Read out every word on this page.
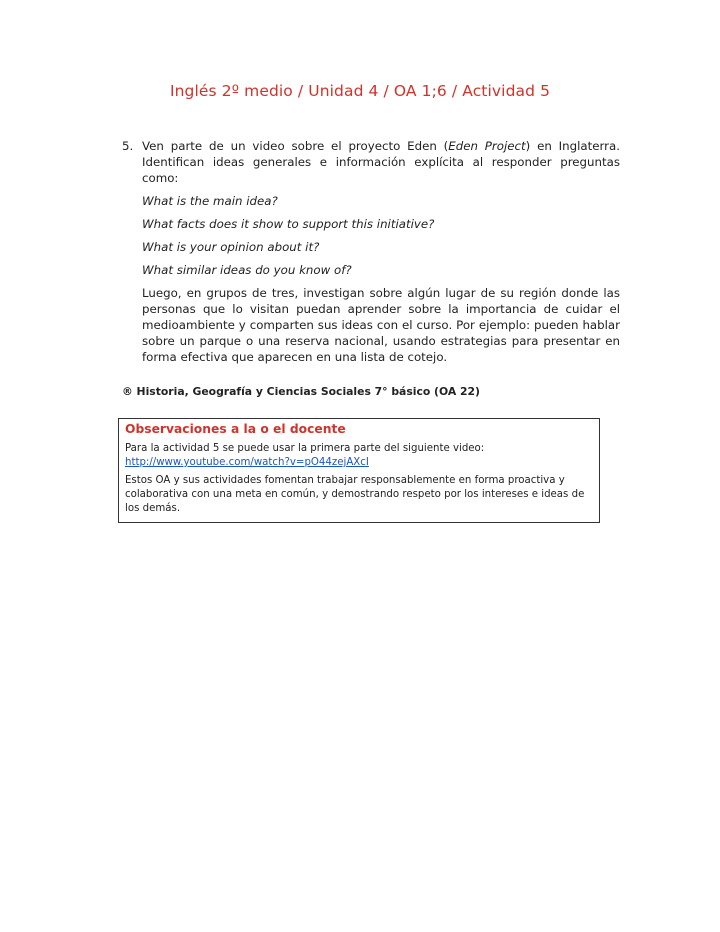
Inglés 2º medio / Unidad 4 / OA 1;6 / Actividad 5
5. Ven parte de un video sobre el proyecto Eden (Eden Project) en Inglaterra. Identifican ideas generales e información explícita al responder preguntas como:

What is the main idea?

What facts does it show to support this initiative?

What is your opinion about it?

What similar ideas do you know of?

Luego, en grupos de tres, investigan sobre algún lugar de su región donde las personas que lo visitan puedan aprender sobre la importancia de cuidar el medioambiente y comparten sus ideas con el curso. Por ejemplo: pueden hablar sobre un parque o una reserva nacional, usando estrategias para presentar en forma efectiva que aparecen en una lista de cotejo.

® Historia, Geografía y Ciencias Sociales 7° básico (OA 22)
Observaciones a la o el docente

Para la actividad 5 se puede usar la primera parte del siguiente video:
http://www.youtube.com/watch?v=pO44zejAXcI

Estos OA y sus actividades fomentan trabajar responsablemente en forma proactiva y colaborativa con una meta en común, y demostrando respeto por los intereses e ideas de los demás.
